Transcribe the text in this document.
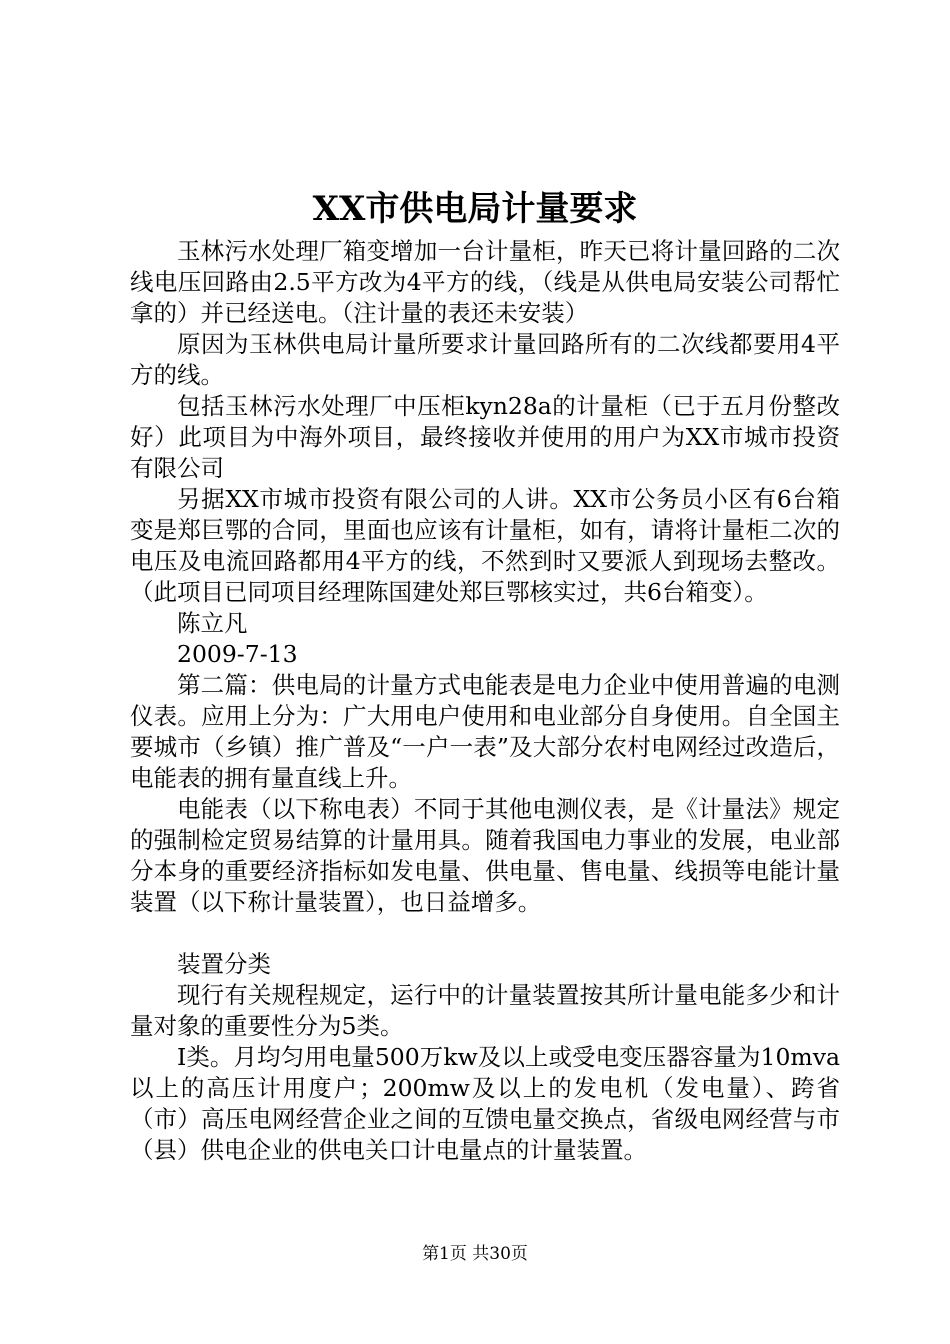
XX市供电局计量要求

玉林污水处理厂箱变增加一台计量柜，昨天已将计量回路的二次线电压回路由2.5平方改为4平方的线，（线是从供电局安装公司帮忙拿的）并已经送电。（注计量的表还未安装）

原因为玉林供电局计量所要求计量回路所有的二次线都要用4平方的线。

包括玉林污水处理厂中压柜kyn28a的计量柜（已于五月份整改好）此项目为中海外项目，最终接收并使用的用户为XX市城市投资有限公司

另据XX市城市投资有限公司的人讲。XX市公务员小区有6台箱变是郑巨鄂的合同，里面也应该有计量柜，如有，请将计量柜二次的电压及电流回路都用4平方的线，不然到时又要派人到现场去整改。（此项目已同项目经理陈国建处郑巨鄂核实过，共6台箱变）。

陈立凡

2009-7-13

第二篇：供电局的计量方式电能表是电力企业中使用普遍的电测仪表。应用上分为：广大用电户使用和电业部分自身使用。自全国主要城市（乡镇）推广普及“一户一表”及大部分农村电网经过改造后，电能表的拥有量直线上升。

电能表（以下称电表）不同于其他电测仪表，是《计量法》规定的强制检定贸易结算的计量用具。随着我国电力事业的发展，电业部分本身的重要经济指标如发电量、供电量、售电量、线损等电能计量装置（以下称计量装置），也日益增多。

装置分类

现行有关规程规定，运行中的计量装置按其所计量电能多少和计量对象的重要性分为5类。

Ⅰ类。月均匀用电量500万kw及以上或受电变压器容量为10mva以上的高压计用度户；200mw及以上的发电机（发电量）、跨省（市）高压电网经营企业之间的互馈电量交换点，省级电网经营与市（县）供电企业的供电关口计电量点的计量装置。

第1页 共30页
